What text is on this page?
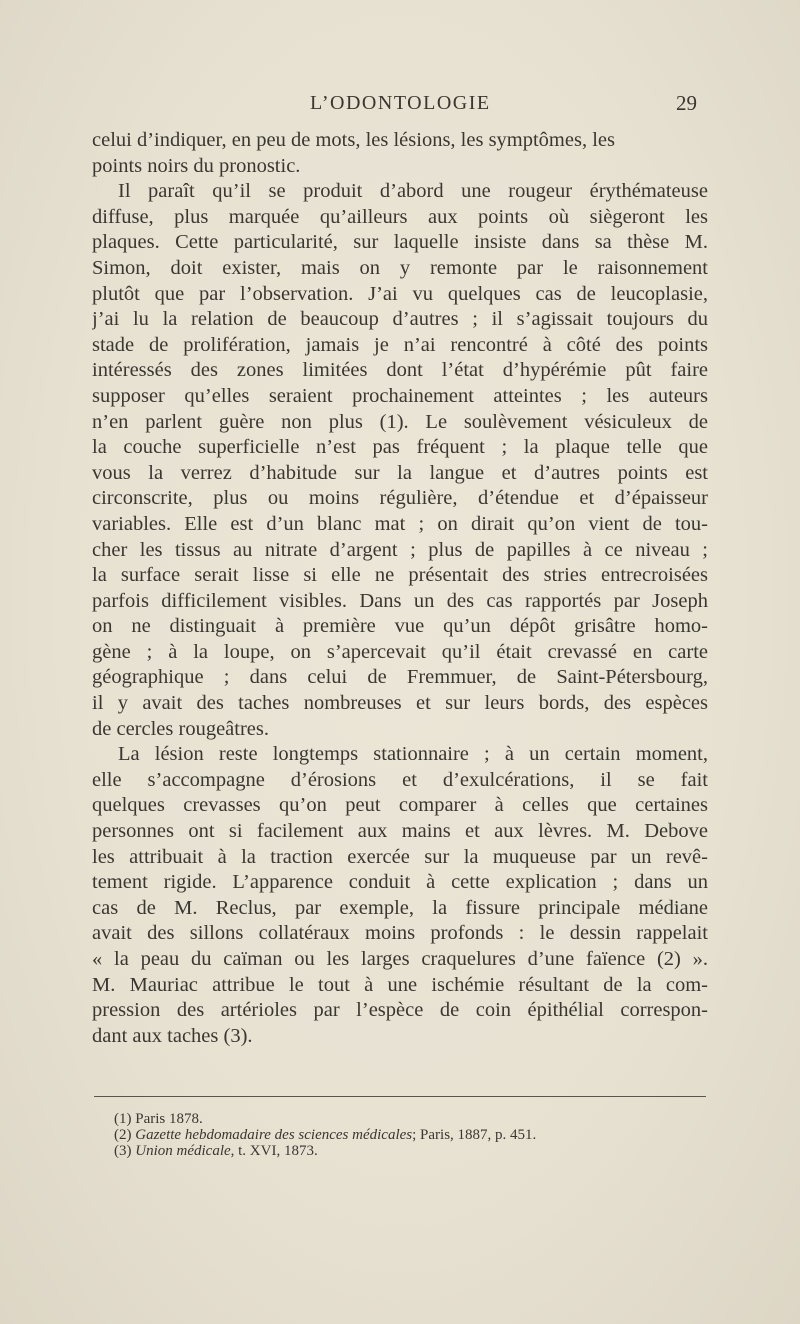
L’ODONTOLOGIE	29
celui d’indiquer, en peu de mots, les lésions, les symptômes, les
points noirs du pronostic.
Il paraît qu’il se produit d’abord une rougeur érythémateuse
diffuse, plus marquée qu’ailleurs aux points où siègeront les
plaques. Cette particularité, sur laquelle insiste dans sa thèse M.
Simon, doit exister, mais on y remonte par le raisonnement
plutôt que par l’observation. J’ai vu quelques cas de leucoplasie,
j’ai lu la relation de beaucoup d’autres ; il s’agissait toujours du
stade de prolifération, jamais je n’ai rencontré à côté des points
intéressés des zones limitées dont l’état d’hypérémie pût faire
supposer qu’elles seraient prochainement atteintes ; les auteurs
n’en parlent guère non plus (1). Le soulèvement vésiculeux de
la couche superficielle n’est pas fréquent ; la plaque telle que
vous la verrez d’habitude sur la langue et d’autres points est
circonscrite, plus ou moins régulière, d’étendue et d’épaisseur
variables. Elle est d’un blanc mat ; on dirait qu’on vient de tou-
cher les tissus au nitrate d’argent ; plus de papilles à ce niveau ;
la surface serait lisse si elle ne présentait des stries entrecroisées
parfois difficilement visibles. Dans un des cas rapportés par Joseph
on ne distinguait à première vue qu’un dépôt grisâtre homo-
gène ; à la loupe, on s’apercevait qu’il était crevassé en carte
géographique ; dans celui de Fremmuer, de Saint-Pétersbourg,
il y avait des taches nombreuses et sur leurs bords, des espèces
de cercles rougeâtres.
La lésion reste longtemps stationnaire ; à un certain moment,
elle s’accompagne d’érosions et d’exulcérations, il se fait
quelques crevasses qu’on peut comparer à celles que certaines
personnes ont si facilement aux mains et aux lèvres. M. Debove
les attribuait à la traction exercée sur la muqueuse par un revê-
tement rigide. L’apparence conduit à cette explication ; dans un
cas de M. Reclus, par exemple, la fissure principale médiane
avait des sillons collatéraux moins profonds : le dessin rappelait
« la peau du caïman ou les larges craquelures d’une faïence (2) ».
M. Mauriac attribue le tout à une ischémie résultant de la com-
pression des artérioles par l’espèce de coin épithélial correspon-
dant aux taches (3).
(1) Paris 1878.
(2) Gazette hebdomadaire des sciences médicales; Paris, 1887, p. 451.
(3) Union médicale, t. XVI, 1873.
